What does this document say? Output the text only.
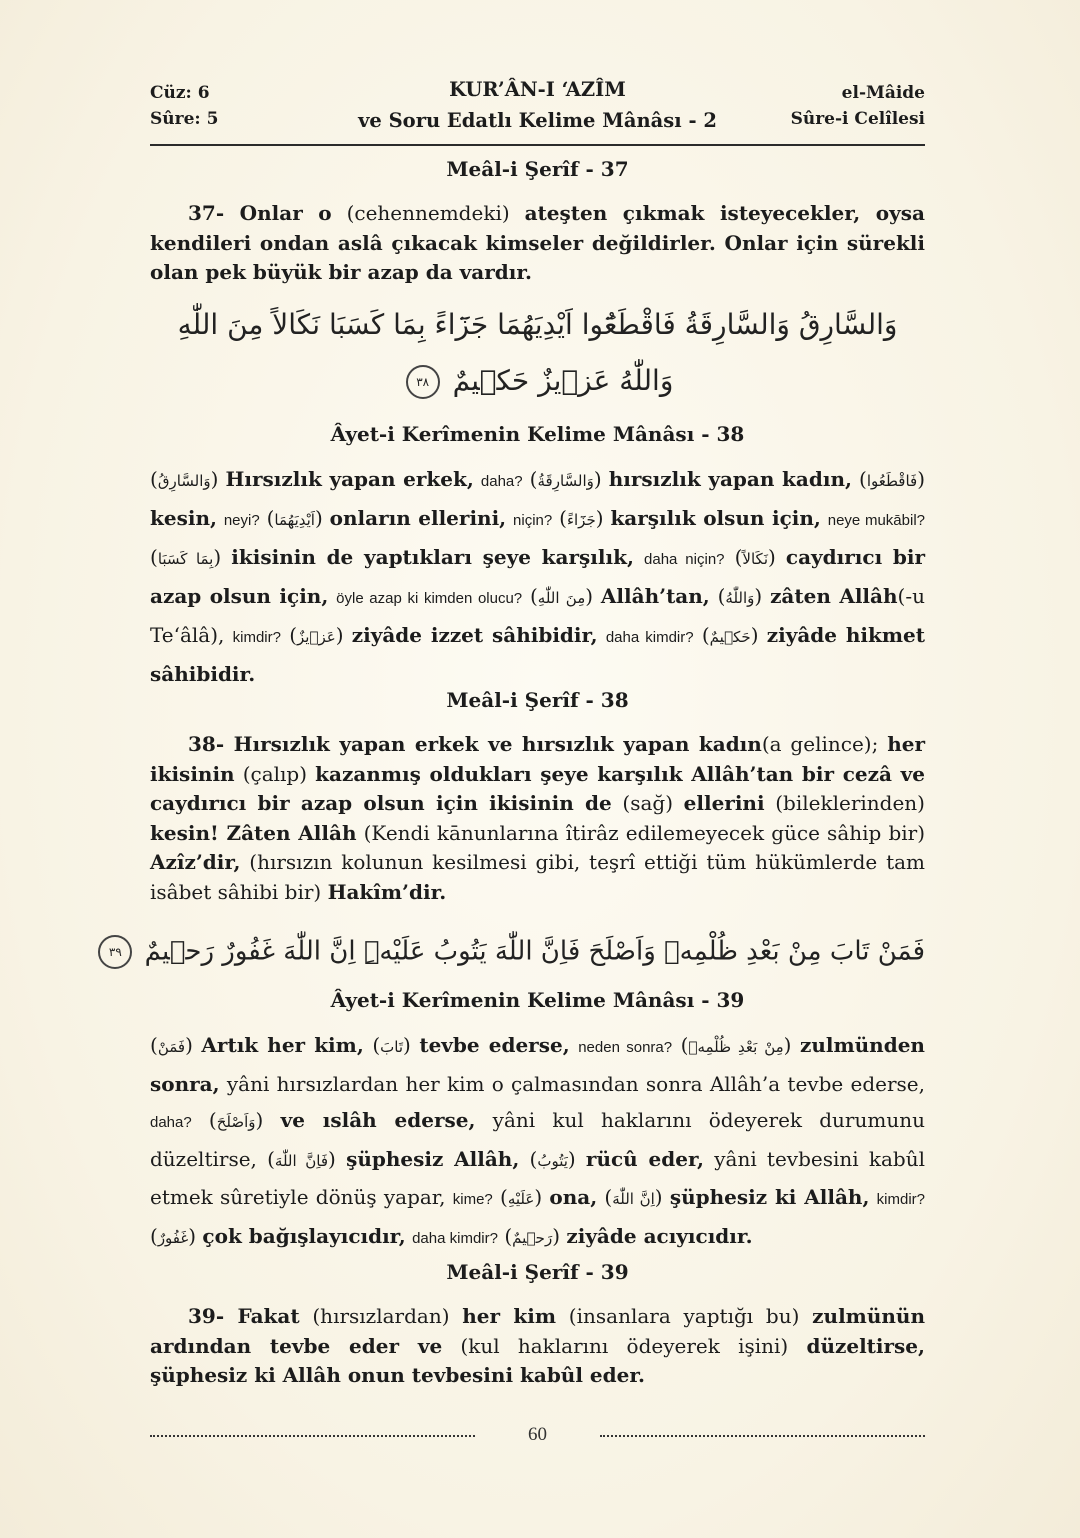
Cüz: 6
Sûre: 5
KUR’ÂN-I ‘AZÎM
ve Soru Edatlı Kelime Mânâsı - 2
el-Mâide
Sûre-i Celîlesi
Meâl-i Şerîf - 37
37- Onlar o (cehennemdeki) ateşten çıkmak isteyecekler, oysa kendileri ondan aslâ çıkacak kimseler değildirler. Onlar için sürekli olan pek büyük bir azap da vardır.
وَالسَّارِقُ وَالسَّارِقَةُ فَاقْطَعُٓوا اَيْدِيَهُمَا جَزَٓاءً بِمَا كَسَبَا نَكَالاً مِنَ اللّٰهِ
وَاللّٰهُ عَز۪يزٌ حَك۪يمٌ ٣٨
Âyet-i Kerîmenin Kelime Mânâsı - 38
(وَالسَّارِقُ) Hırsızlık yapan erkek, daha? (وَالسَّارِقَةُ) hırsızlık yapan kadın, (فَاقْطَعُوا) kesin, neyi? (اَيْدِيَهُمَا) onların ellerini, niçin? (جَزَٓاءً) karşılık olsun için, neye mukābil? (بِمَا كَسَبَا) ikisinin de yaptıkları şeye karşılık, daha niçin? (نَكَالاً) caydırıcı bir azap olsun için, öyle azap ki kimden olucu? (مِنَ اللّٰهِ) Allâh’tan, (وَاللّٰهُ) zâten Allâh(-u Te‘âlâ), kimdir? (عَز۪يزٌ) ziyâde izzet sâhibidir, daha kimdir? (حَك۪يمٌ) ziyâde hikmet sâhibidir.
Meâl-i Şerîf - 38
38- Hırsızlık yapan erkek ve hırsızlık yapan kadın(a gelince); her ikisinin (çalıp) kazanmış oldukları şeye karşılık Allâh’tan bir cezâ ve caydırıcı bir azap olsun için ikisinin de (sağ) ellerini (bileklerinden) kesin! Zâten Allâh (Kendi kānunlarına îtirâz edilemeyecek güce sâhip bir) Azîz’dir, (hırsızın kolunun kesilmesi gibi, teşrî ettiği tüm hükümlerde tam isâbet sâhibi bir) Hakîm’dir.
فَمَنْ تَابَ مِنْ بَعْدِ ظُلْمِه۪ وَاَصْلَحَ فَاِنَّ اللّٰهَ يَتُوبُ عَلَيْهِۜ اِنَّ اللّٰهَ غَفُورٌ رَح۪يمٌ ٣٩
Âyet-i Kerîmenin Kelime Mânâsı - 39
(فَمَنْ) Artık her kim, (تَابَ) tevbe ederse, neden sonra? (مِنْ بَعْدِ ظُلْمِه۪) zulmünden sonra, yâni hırsızlardan her kim o çalmasından sonra Allâh’a tevbe ederse, daha? (وَاَصْلَحَ) ve ıslâh ederse, yâni kul haklarını ödeyerek durumunu düzeltirse, (فَاِنَّ اللّٰهَ) şüphesiz Allâh, (يَتُوبُ) rücû eder, yâni tevbesini kabûl etmek sûretiyle dönüş yapar, kime? (عَلَيْهِ) ona, (اِنَّ اللّٰهَ) şüphesiz ki Allâh, kimdir? (غَفُورٌ) çok bağışlayıcıdır, daha kimdir? (رَح۪يمٌ) ziyâde acıyıcıdır.
Meâl-i Şerîf - 39
39- Fakat (hırsızlardan) her kim (insanlara yaptığı bu) zulmünün ardından tevbe eder ve (kul haklarını ödeyerek işini) düzeltirse, şüphesiz ki Allâh onun tevbesini kabûl eder.
60
